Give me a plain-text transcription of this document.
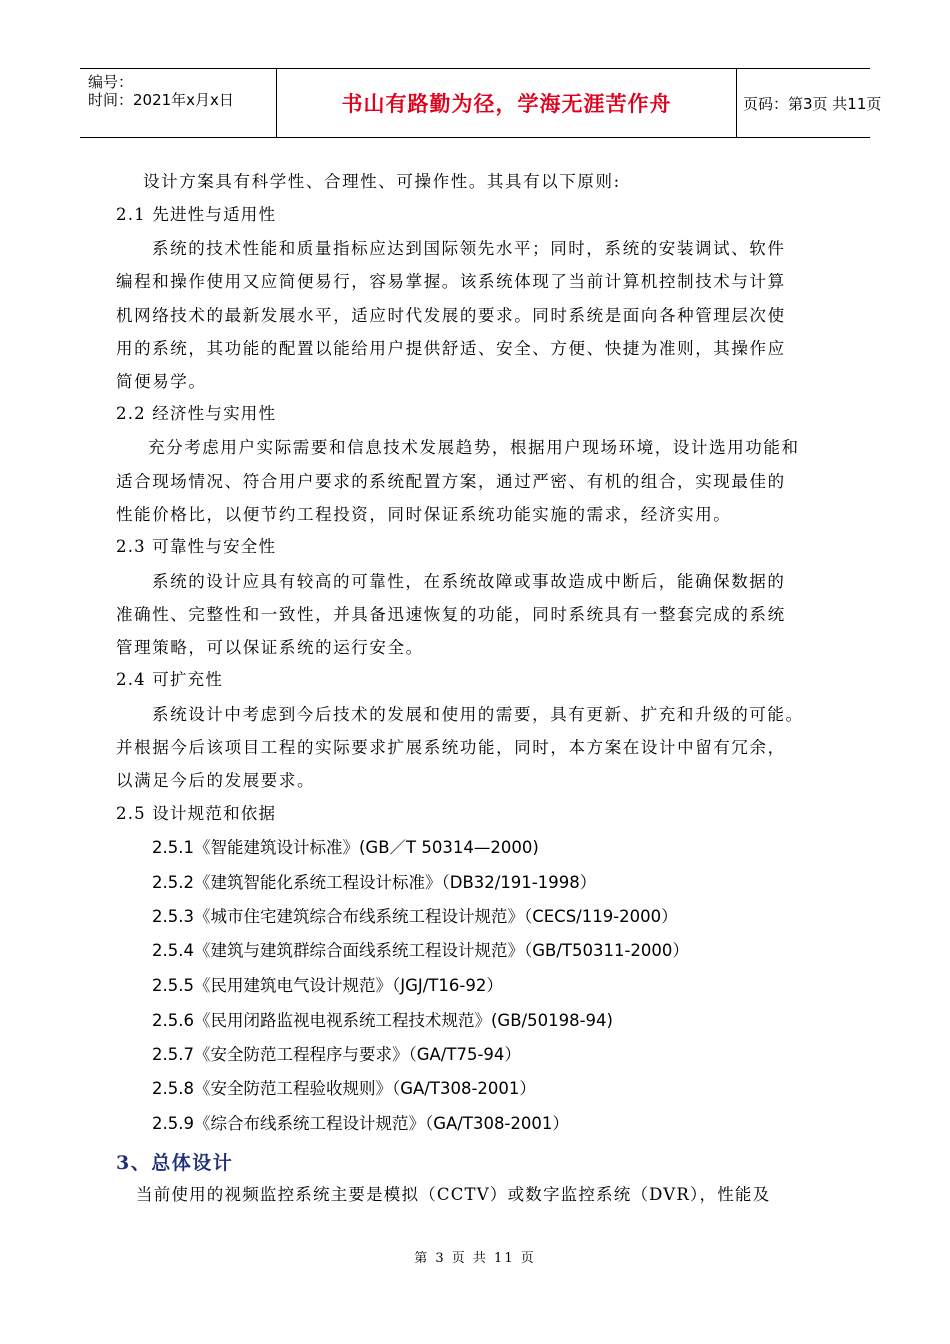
编号：
时间：2021年x月x日	书山有路勤为径，学海无涯苦作舟	页码：第3页 共11页
设计方案具有科学性、合理性、可操作性。其具有以下原则:
2.1 先进性与适用性
系统的技术性能和质量指标应达到国际领先水平；同时，系统的安装调试、软件
编程和操作使用又应简便易行，容易掌握。该系统体现了当前计算机控制技术与计算
机网络技术的最新发展水平，适应时代发展的要求。同时系统是面向各种管理层次使
用的系统，其功能的配置以能给用户提供舒适、安全、方便、快捷为准则，其操作应
简便易学。
2.2 经济性与实用性
充分考虑用户实际需要和信息技术发展趋势，根据用户现场环境，设计选用功能和
适合现场情况、符合用户要求的系统配置方案，通过严密、有机的组合，实现最佳的
性能价格比，以便节约工程投资，同时保证系统功能实施的需求，经济实用。
2.3 可靠性与安全性
系统的设计应具有较高的可靠性，在系统故障或事故造成中断后，能确保数据的
准确性、完整性和一致性，并具备迅速恢复的功能，同时系统具有一整套完成的系统
管理策略，可以保证系统的运行安全。
2.4 可扩充性
系统设计中考虑到今后技术的发展和使用的需要，具有更新、扩充和升级的可能。
并根据今后该项目工程的实际要求扩展系统功能，同时，本方案在设计中留有冗余，
以满足今后的发展要求。
2.5 设计规范和依据
2.5.1《智能建筑设计标准》(GB／T 50314—2000)
2.5.2《建筑智能化系统工程设计标准》（DB32/191-1998）
2.5.3《城市住宅建筑综合布线系统工程设计规范》（CECS/119-2000）
2.5.4《建筑与建筑群综合面线系统工程设计规范》（GB/T50311-2000）
2.5.5《民用建筑电气设计规范》（JGJ/T16-92）
2.5.6《民用闭路监视电视系统工程技术规范》(GB/50198-94)
2.5.7《安全防范工程程序与要求》（GA/T75-94）
2.5.8《安全防范工程验收规则》（GA/T308-2001）
2.5.9《综合布线系统工程设计规范》（GA/T308-2001）
3、总体设计
当前使用的视频监控系统主要是模拟（CCTV）或数字监控系统（DVR），性能及
第 3 页 共 11 页
